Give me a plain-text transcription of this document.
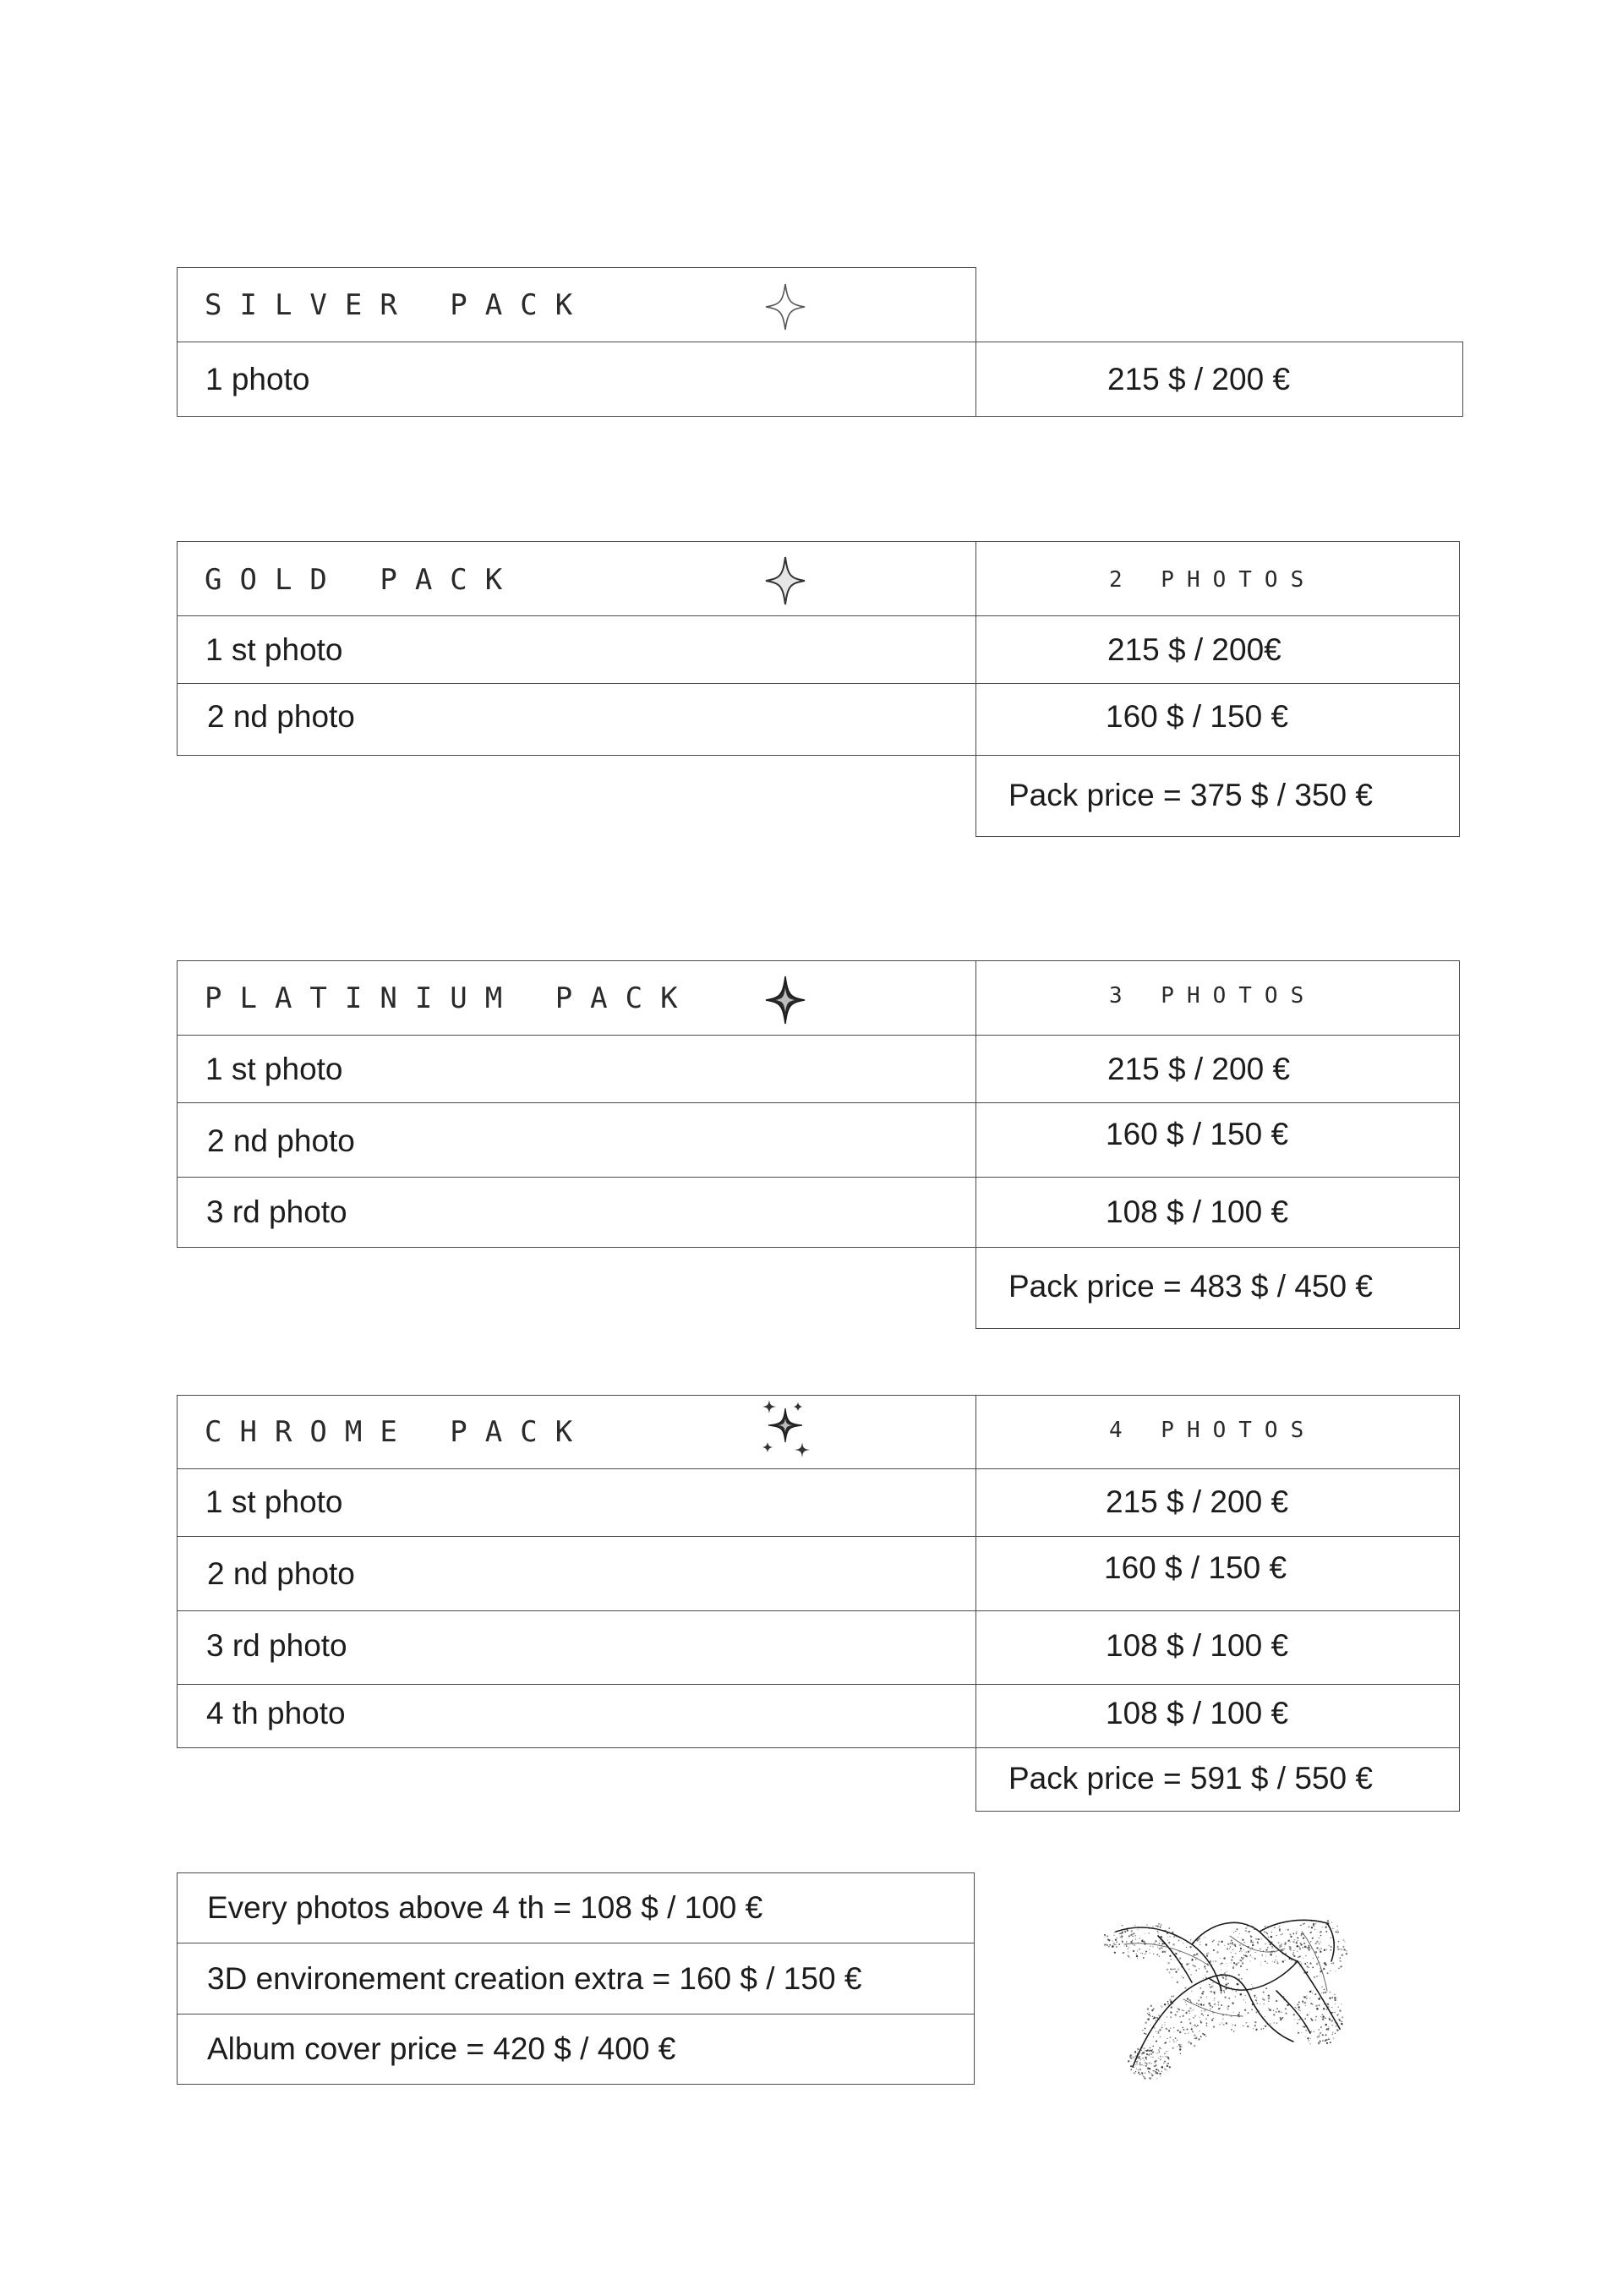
SILVER PACK
1 photo	215 $ / 200 €
GOLD PACK	2 PHOTOS
1 st photo	215 $ / 200€
2 nd photo	160 $ / 150 €
Pack price = 375 $ / 350 €
PLATINIUM PACK	3 PHOTOS
1 st photo	215 $ / 200 €
2 nd photo	160 $ / 150 €
3 rd photo	108 $ / 100 €
Pack price = 483 $ / 450 €
CHROME PACK	4 PHOTOS
1 st photo	215 $ / 200 €
2 nd photo	160 $ / 150 €
3 rd photo	108 $ / 100 €
4 th photo	108 $ / 100 €
Pack price = 591 $ / 550 €
Every photos above 4 th = 108 $ / 100 €
3D environement creation extra = 160 $ / 150 €
Album cover price = 420 $ / 400 €
